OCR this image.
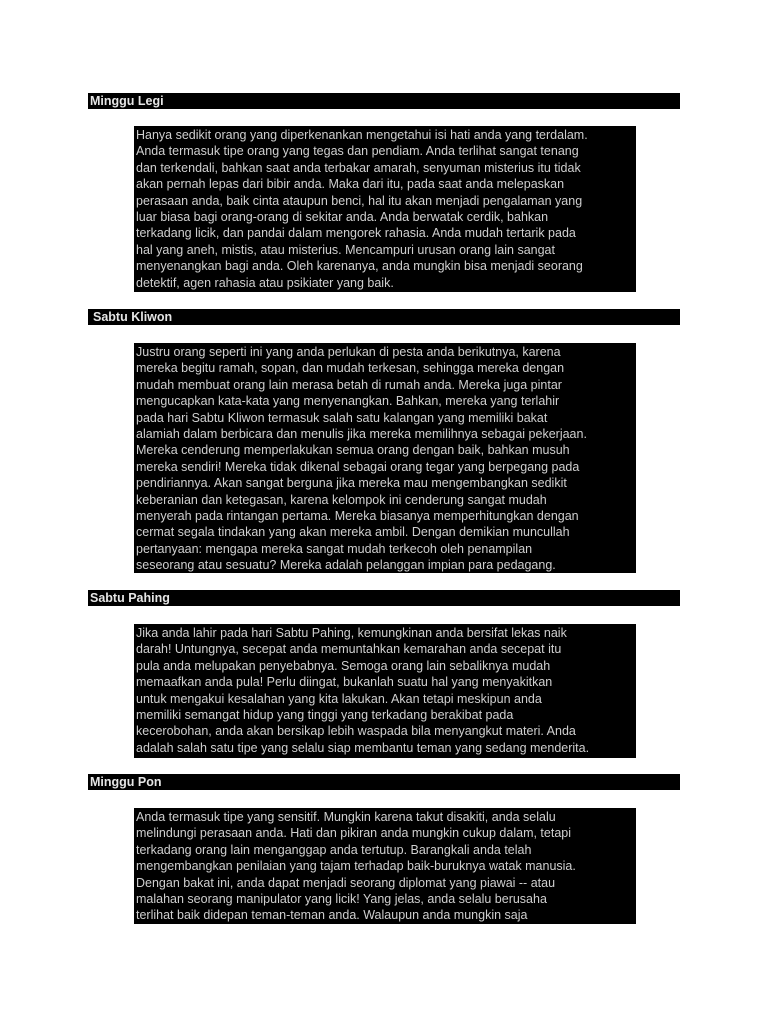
Minggu Legi
Hanya sedikit orang yang diperkenankan mengetahui isi hati anda yang terdalam.
Anda termasuk tipe orang yang tegas dan pendiam. Anda terlihat sangat tenang
dan terkendali, bahkan saat anda terbakar amarah, senyuman misterius itu tidak
akan pernah lepas dari bibir anda. Maka dari itu, pada saat anda melepaskan
perasaan anda, baik cinta ataupun benci, hal itu akan menjadi pengalaman yang
luar biasa bagi orang-orang di sekitar anda. Anda berwatak cerdik, bahkan
terkadang licik, dan pandai dalam mengorek rahasia. Anda mudah tertarik pada
hal yang aneh, mistis, atau misterius. Mencampuri urusan orang lain sangat
menyenangkan bagi anda. Oleh karenanya, anda mungkin bisa menjadi seorang
detektif, agen rahasia atau psikiater yang baik.
Sabtu Kliwon
Justru orang seperti ini yang anda perlukan di pesta anda berikutnya, karena
mereka begitu ramah, sopan, dan mudah terkesan, sehingga mereka dengan
mudah membuat orang lain merasa betah di rumah anda. Mereka juga pintar
mengucapkan kata-kata yang menyenangkan. Bahkan, mereka yang terlahir
pada hari Sabtu Kliwon termasuk salah satu kalangan yang memiliki bakat
alamiah dalam berbicara dan menulis jika mereka memilihnya sebagai pekerjaan.
Mereka cenderung memperlakukan semua orang dengan baik, bahkan musuh
mereka sendiri! Mereka tidak dikenal sebagai orang tegar yang berpegang pada
pendiriannya. Akan sangat berguna jika mereka mau mengembangkan sedikit
keberanian dan ketegasan, karena kelompok ini cenderung sangat mudah
menyerah pada rintangan pertama. Mereka biasanya memperhitungkan dengan
cermat segala tindakan yang akan mereka ambil. Dengan demikian muncullah
pertanyaan: mengapa mereka sangat mudah terkecoh oleh penampilan
seseorang atau sesuatu? Mereka adalah pelanggan impian para pedagang.
Sabtu Pahing
Jika anda lahir pada hari Sabtu Pahing, kemungkinan anda bersifat lekas naik
darah! Untungnya, secepat anda memuntahkan kemarahan anda secepat itu
pula anda melupakan penyebabnya. Semoga orang lain sebaliknya mudah
memaafkan anda pula! Perlu diingat, bukanlah suatu hal yang menyakitkan
untuk mengakui kesalahan yang kita lakukan. Akan tetapi meskipun anda
memiliki semangat hidup yang tinggi yang terkadang berakibat pada
kecerobohan, anda akan bersikap lebih waspada bila menyangkut materi. Anda
adalah salah satu tipe yang selalu siap membantu teman yang sedang menderita.
Minggu Pon
Anda termasuk tipe yang sensitif. Mungkin karena takut disakiti, anda selalu
melindungi perasaan anda. Hati dan pikiran anda mungkin cukup dalam, tetapi
terkadang orang lain menganggap anda tertutup. Barangkali anda telah
mengembangkan penilaian yang tajam terhadap baik-buruknya watak manusia.
Dengan bakat ini, anda dapat menjadi seorang diplomat yang piawai -- atau
malahan seorang manipulator yang licik! Yang jelas, anda selalu berusaha
terlihat baik didepan teman-teman anda. Walaupun anda mungkin saja
